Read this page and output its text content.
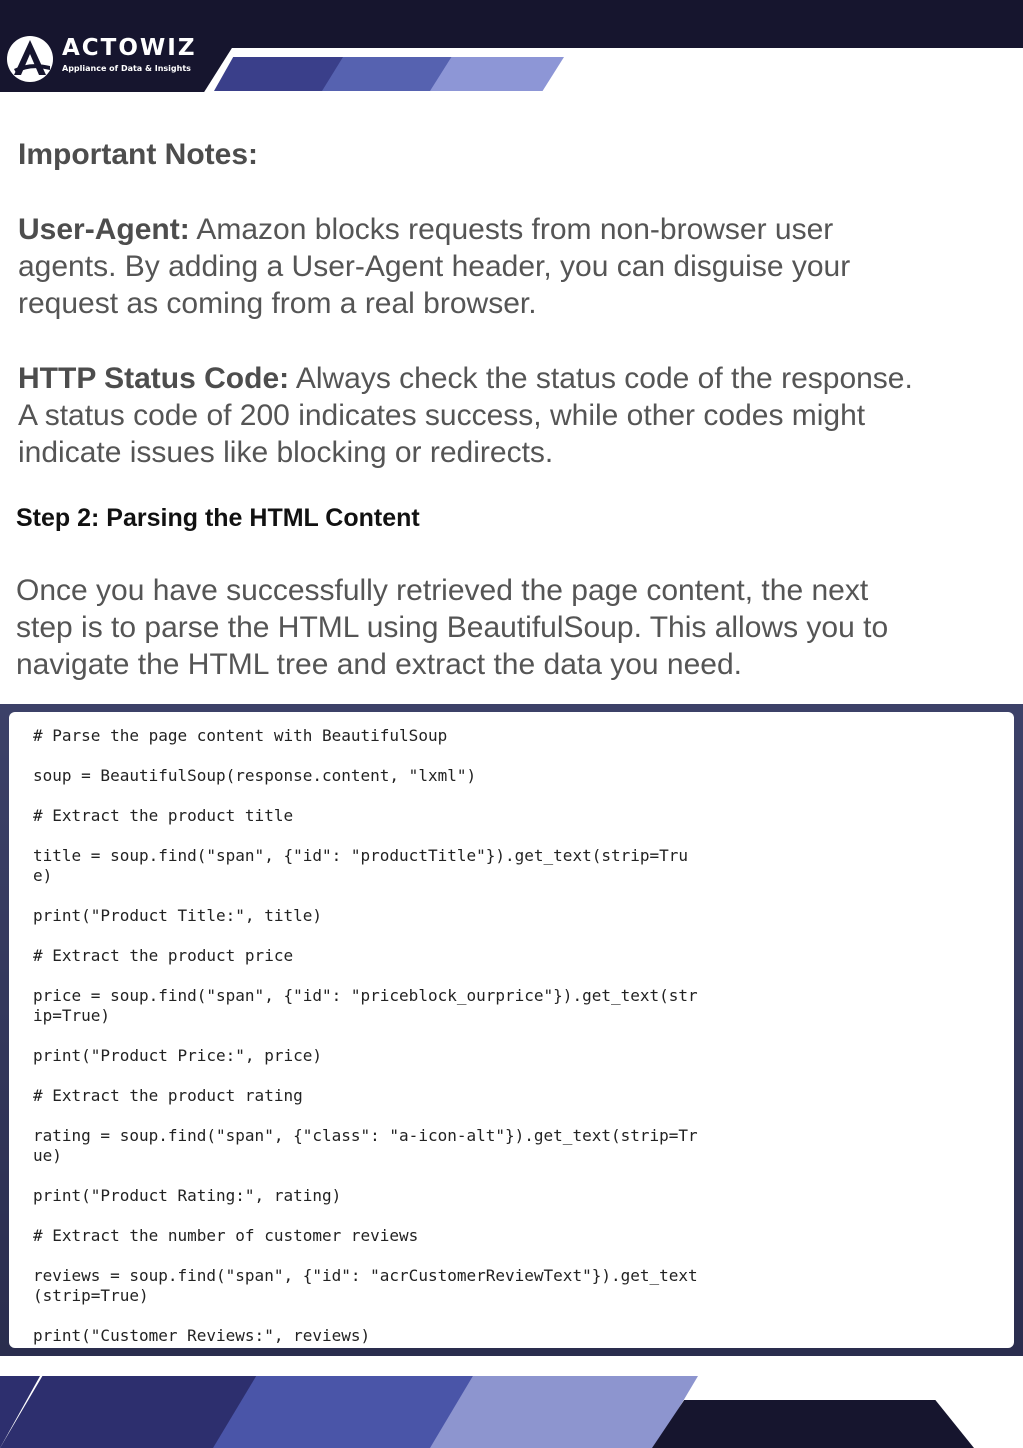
ACTOWIZ
Appliance of Data & Insights
Important Notes:
User-Agent: Amazon blocks requests from non-browser user
agents. By adding a User-Agent header, you can disguise your
request as coming from a real browser.
HTTP Status Code: Always check the status code of the response.
A status code of 200 indicates success, while other codes might
indicate issues like blocking or redirects.
Step 2: Parsing the HTML Content
Once you have successfully retrieved the page content, the next
step is to parse the HTML using BeautifulSoup. This allows you to
navigate the HTML tree and extract the data you need.
# Parse the page content with BeautifulSoup
soup = BeautifulSoup(response.content, "lxml")
# Extract the product title
title = soup.find("span", {"id": "productTitle"}).get_text(strip=Tru
e)
print("Product Title:", title)
# Extract the product price
price = soup.find("span", {"id": "priceblock_ourprice"}).get_text(str
ip=True)
print("Product Price:", price)
# Extract the product rating
rating = soup.find("span", {"class": "a-icon-alt"}).get_text(strip=Tr
ue)
print("Product Rating:", rating)
# Extract the number of customer reviews
reviews = soup.find("span", {"id": "acrCustomerReviewText"}).get_text
(strip=True)
print("Customer Reviews:", reviews)
